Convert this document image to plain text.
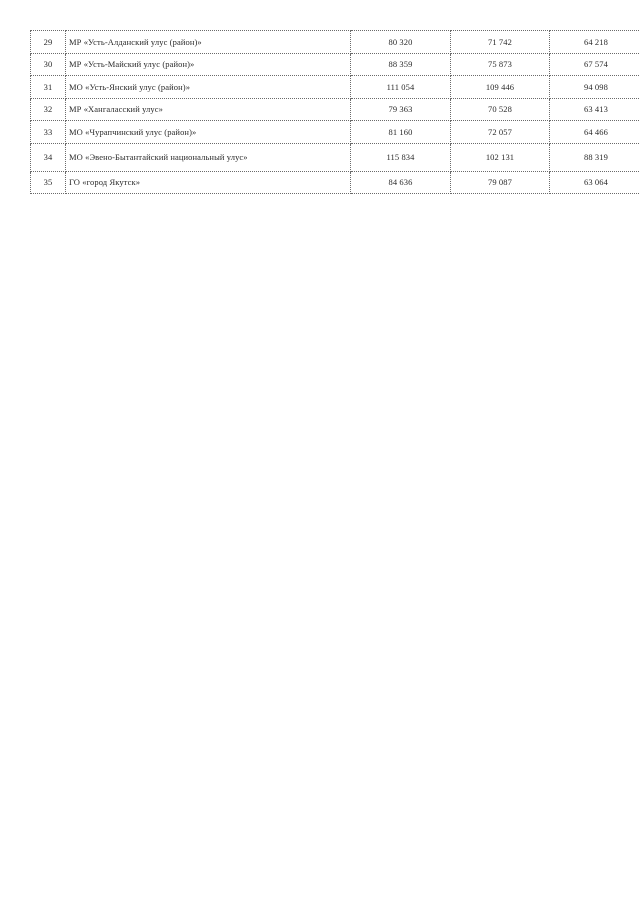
29	МР «Усть-Алданский улус (район)»	80 320	71 742	64 218
30	МР «Усть-Майский улус (район)»	88 359	75 873	67 574
31	МО «Усть-Янский улус (район)»	111 054	109 446	94 098
32	МР «Хангаласский улус»	79 363	70 528	63 413
33	МО «Чурапчинский улус (район)»	81 160	72 057	64 466
34	МО «Эвено-Бытантайский национальный улус»	115 834	102 131	88 319
35	ГО «город Якутск»	84 636	79 087	63 064
